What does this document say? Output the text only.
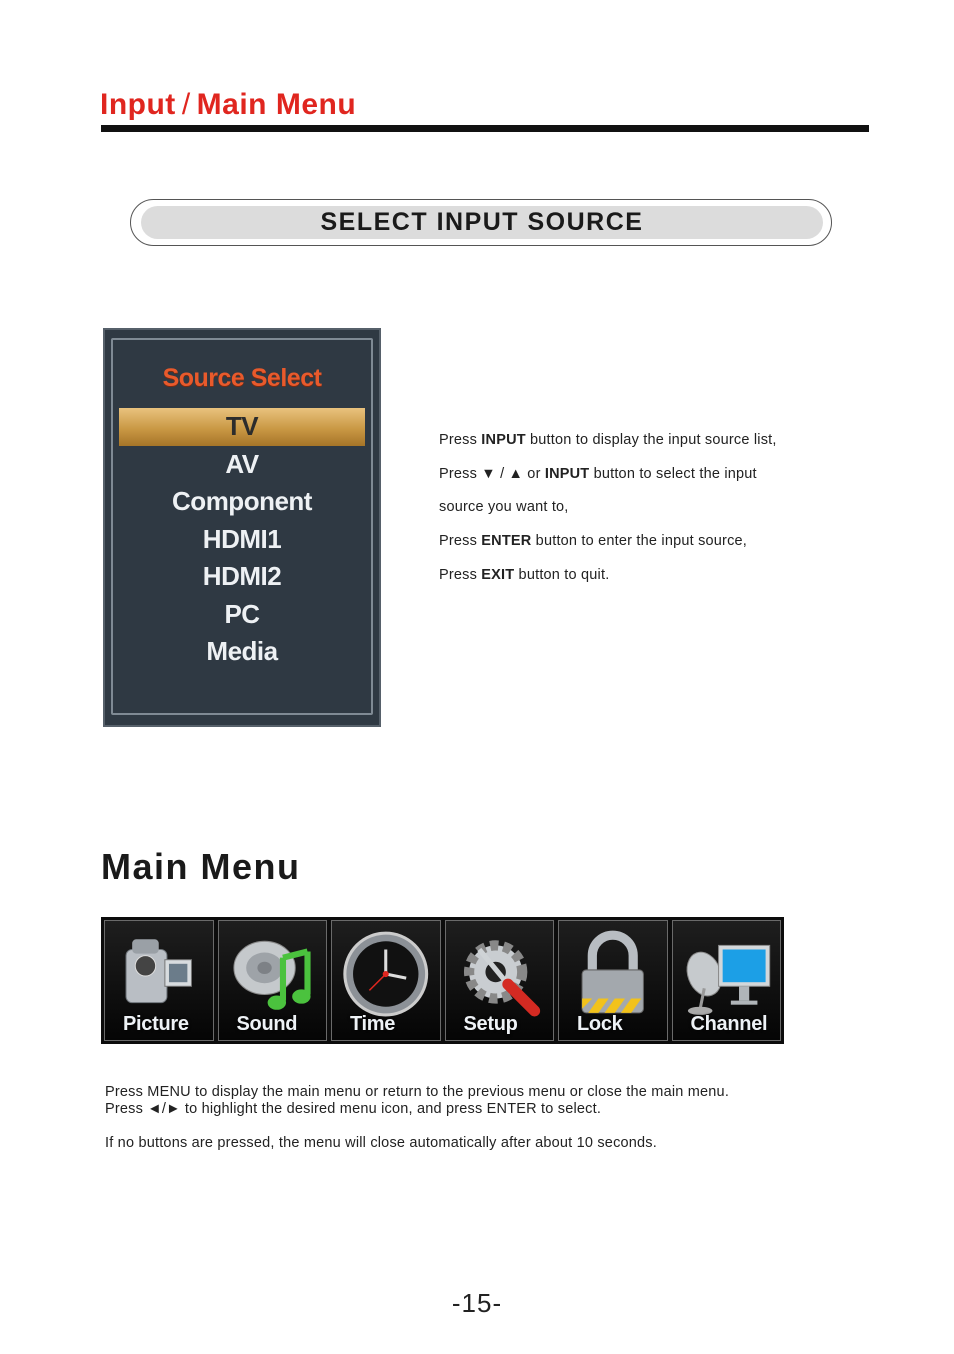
Input / Main Menu
SELECT INPUT SOURCE
Source Select
TV
AV
Component
HDMI1
HDMI2
PC
Media

Press INPUT button to display the input source list,

Press ▼ / ▲ or INPUT button to select the input

source you want to,

Press ENTER button to enter the input source,

Press EXIT button to quit.

Main Menu
Picture Sound	Time	Setup	Lock	Channel

Press MENU to display the main menu or return to the previous menu or close the main menu.

Press ◄/► to highlight the desired menu icon, and press ENTER to select.

If no buttons are pressed, the menu will close automatically after about 10 seconds.

-15-
